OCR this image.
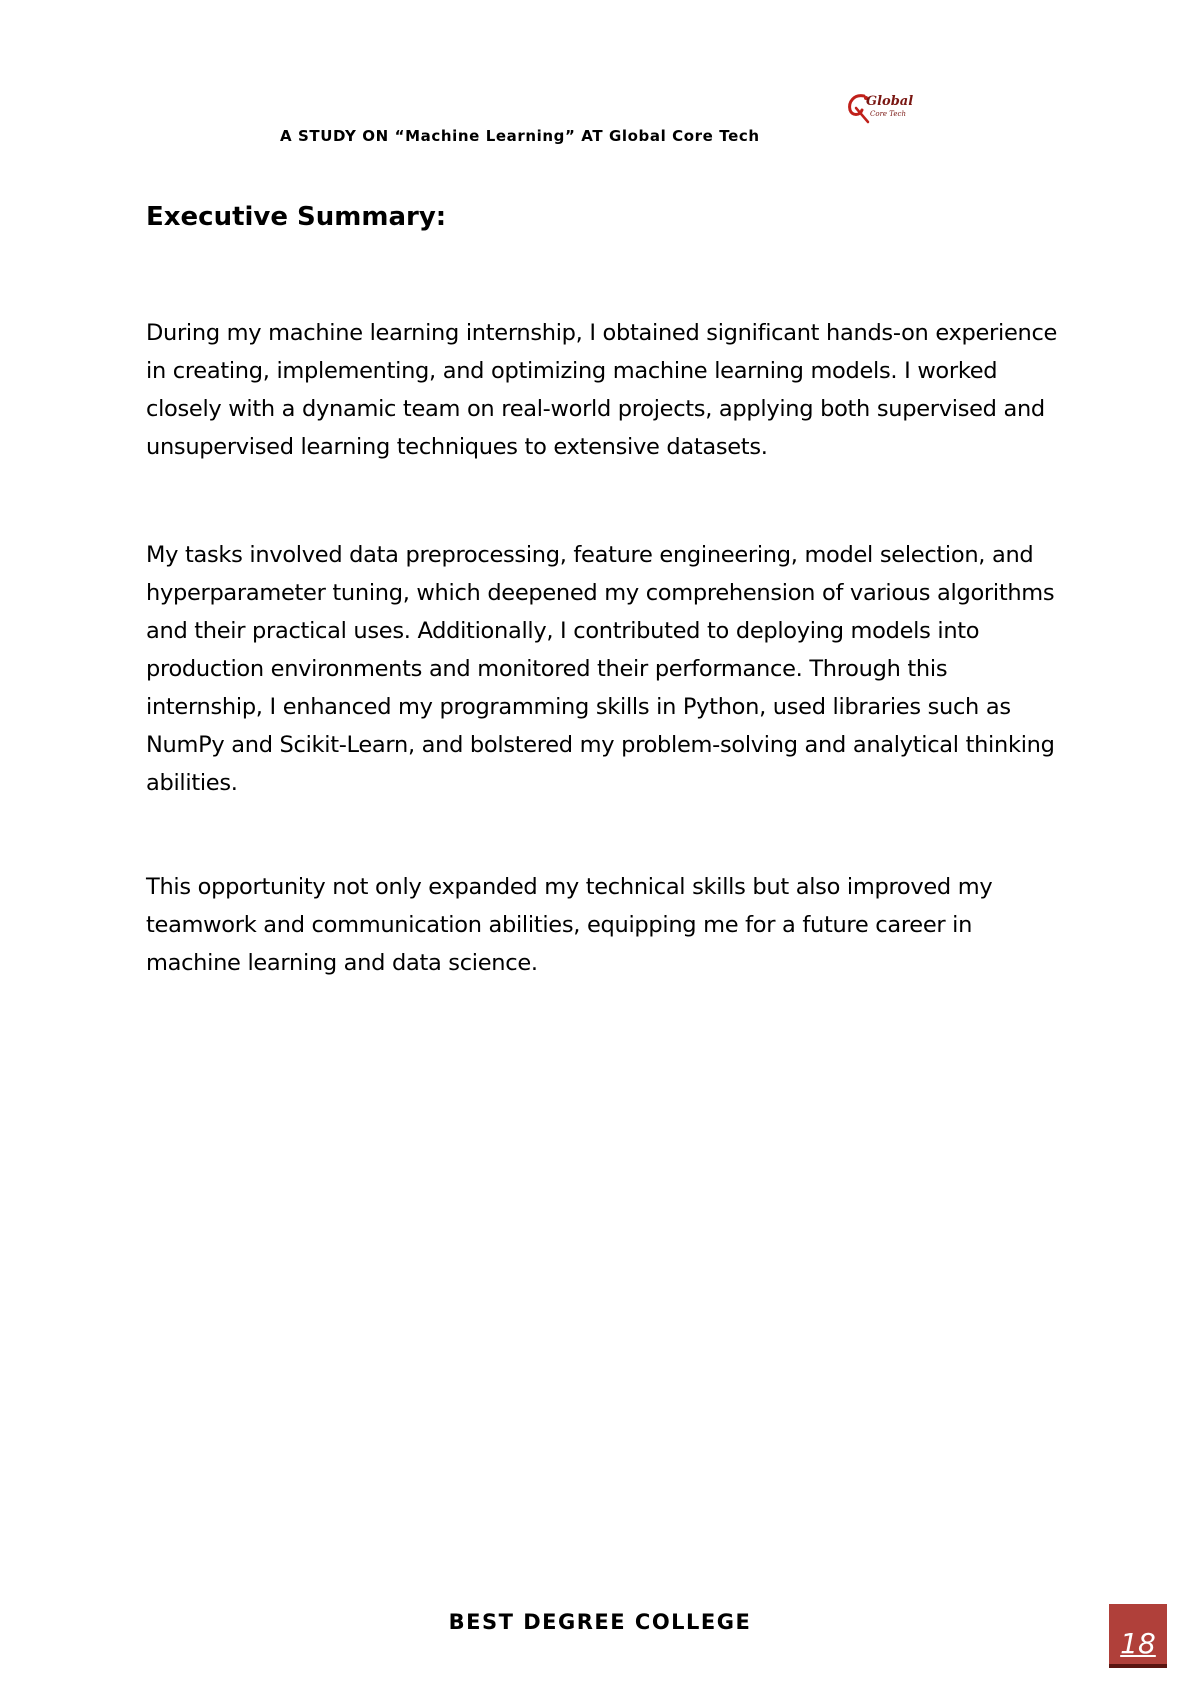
A STUDY ON “Machine Learning” AT Global Core Tech
Global
Core Tech
Executive Summary:

During my machine learning internship, I obtained significant hands-on experience in creating, implementing, and optimizing machine learning models. I worked closely with a dynamic team on real-world projects, applying both supervised and unsupervised learning techniques to extensive datasets.

My tasks involved data preprocessing, feature engineering, model selection, and hyperparameter tuning, which deepened my comprehension of various algorithms and their practical uses. Additionally, I contributed to deploying models into production environments and monitored their performance. Through this internship, I enhanced my programming skills in Python, used libraries such as NumPy and Scikit-Learn, and bolstered my problem-solving and analytical thinking abilities.

This opportunity not only expanded my technical skills but also improved my teamwork and communication abilities, equipping me for a future career in machine learning and data science.

BEST DEGREE COLLEGE
18
